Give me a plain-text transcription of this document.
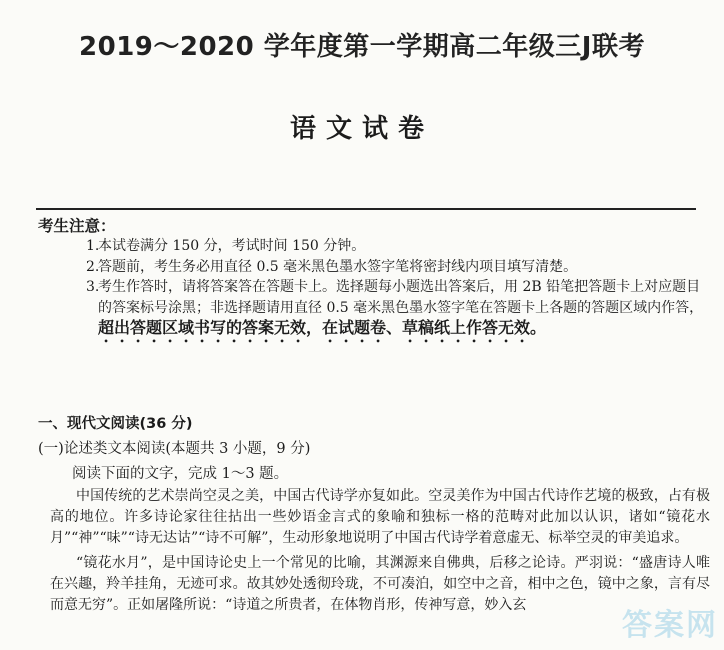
2019～2020 学年度第一学期高二年级三J联考
语文试卷
考生注意：
1.
本试卷满分 150 分，考试时间 150 分钟。
2.
答题前，考生务必用直径 0.5 毫米黑色墨水签字笔将密封线内项目填写清楚。
3.
考生作答时，请将答案答在答题卡上。选择题每小题选出答案后，用 2B 铅笔把答题卡上对应题目的答案标号涂黑；非选择题请用直径 0.5 毫米黑色墨水签字笔在答题卡上各题的答题区域内作答，超出答题区域书写的答案无效，在试题卷、草稿纸上作答无效。
一、现代文阅读(36 分)
(一)论述类文本阅读(本题共 3 小题，9 分)
阅读下面的文字，完成 1～3 题。

中国传统的艺术崇尚空灵之美，中国古代诗学亦复如此。空灵美作为中国古代诗作艺境的极致，占有极高的地位。许多诗论家往往拈出一些妙语金言式的象喻和独标一格的范畴对此加以认识，诸如“镜花水月”“神”“味”“诗无达诂”“诗不可解”，生动形象地说明了中国古代诗学着意虚无、标举空灵的审美追求。

“镜花水月”，是中国诗论史上一个常见的比喻，其渊源来自佛典，后移之论诗。严羽说：“盛唐诗人唯在兴趣，羚羊挂角，无迹可求。故其妙处透彻玲珑，不可凑泊，如空中之音，相中之色，镜中之象，言有尽而意无穷”。正如屠隆所说：“诗道之所贵者，在体物肖形，传神写意，妙入玄

答案网
